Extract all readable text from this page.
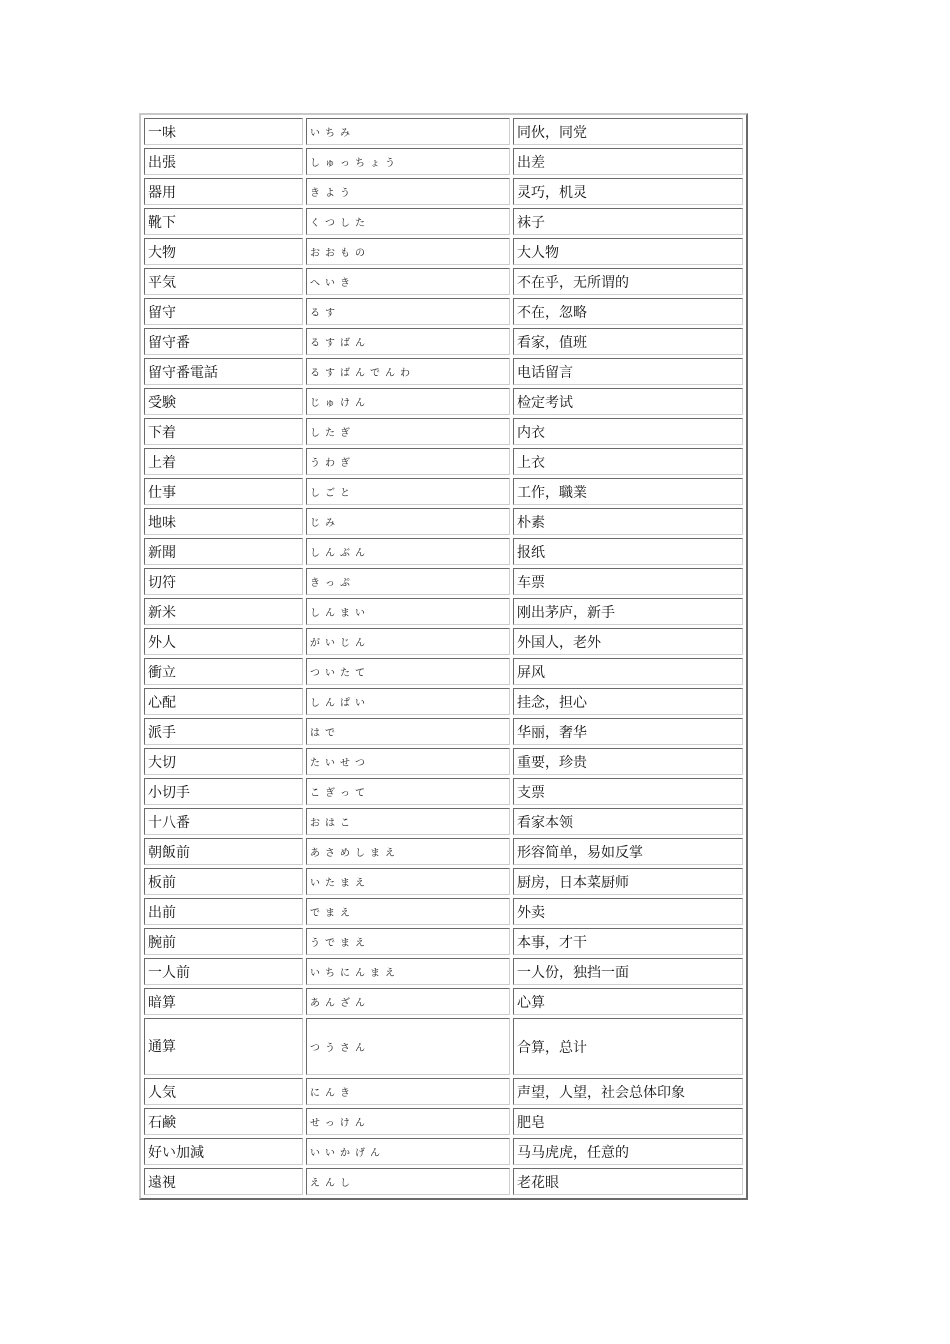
一味	いちみ	同伙，同党
出張	しゅっちょう	出差
器用	きよう	灵巧，机灵
靴下	くつした	袜子
大物	おおもの	大人物
平気	へいき	不在乎，无所谓的
留守	るす	不在，忽略
留守番	るすばん	看家，值班
留守番電話	るすばんでんわ	电话留言
受験	じゅけん	检定考试
下着	したぎ	内衣
上着	うわぎ	上衣
仕事	しごと	工作，職業
地味	じみ	朴素
新聞	しんぶん	报纸
切符	きっぷ	车票
新米	しんまい	刚出茅庐，新手
外人	がいじん	外国人，老外
衝立	ついたて	屏风
心配	しんぱい	挂念，担心
派手	はで	华丽，奢华
大切	たいせつ	重要，珍贵
小切手	こぎって	支票
十八番	おはこ	看家本领
朝飯前	あさめしまえ	形容简单，易如反掌
板前	いたまえ	厨房，日本菜厨师
出前	でまえ	外卖
腕前	うでまえ	本事，才干
一人前	いちにんまえ	一人份，独挡一面
暗算	あんざん	心算
通算	つうさん	合算，总计
人気	にんき	声望，人望，社会总体印象
石鹸	せっけん	肥皂
好い加減	いいかげん	马马虎虎，任意的
遠視	えんし	老花眼
